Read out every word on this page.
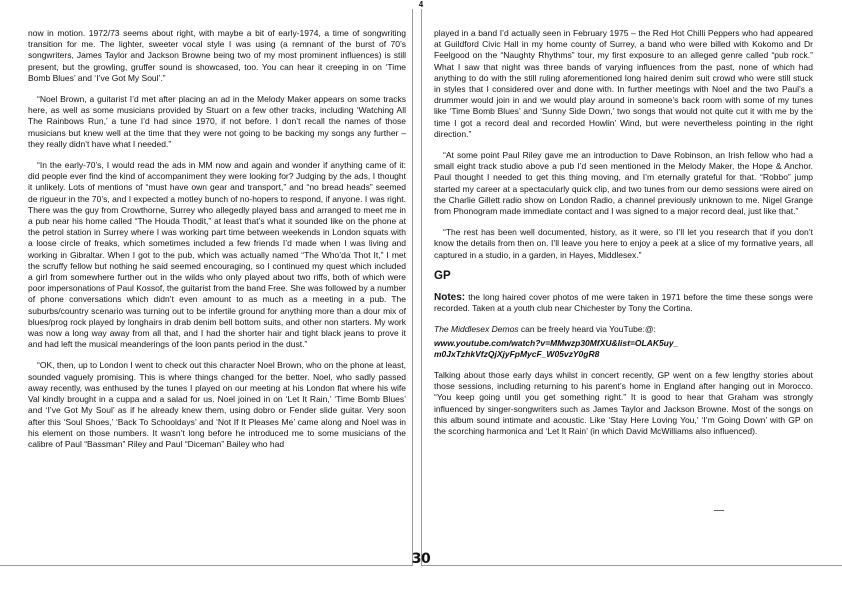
4

now in motion. 1972/73 seems about right, with maybe a bit of early-1974, a time of songwriting transition for me. The lighter, sweeter vocal style I was using (a remnant of the burst of 70’s songwriters, James Taylor and Jackson Browne being two of my most prominent influences) is still present, but the growling, gruffer sound is showcased, too. You can hear it creeping in on ‘Time Bomb Blues’ and ‘I’ve Got My Soul’.”

“Noel Brown, a guitarist I’d met after placing an ad in the Melody Maker appears on some tracks here, as well as some musicians provided by Stuart on a few other tracks, including ‘Watching All The Rainbows Run,’ a tune I’d had since 1970, if not before. I don’t recall the names of those musicians but knew well at the time that they were not going to be backing my songs any further – they really didn’t have what I needed.”

“In the early-70’s, I would read the ads in MM now and again and wonder if anything came of it: did people ever find the kind of accompaniment they were looking for? Judging by the ads, I thought it unlikely. Lots of mentions of “must have own gear and transport,” and “no bread heads” seemed de rigueur in the 70’s, and I expected a motley bunch of no-hopers to respond, if anyone. I was right. There was the guy from Crowthorne, Surrey who allegedly played bass and arranged to meet me in a pub near his home called “The Houda Thodit,” at least that’s what it sounded like on the phone at the petrol station in Surrey where I was working part time between weekends in London squats with a loose circle of freaks, which sometimes included a few friends I’d made when I was living and working in Gibraltar. When I got to the pub, which was actually named “The Who’da Thot It,” I met the scruffy fellow but nothing he said seemed encouraging, so I continued my quest which included a girl from somewhere further out in the wilds who only played about two riffs, both of which were poor impersonations of Paul Kossof, the guitarist from the band Free. She was followed by a number of phone conversations which didn’t even amount to as much as a meeting in a pub. The suburbs/country scenario was turning out to be infertile ground for anything more than a dour mix of blues/prog rock played by longhairs in drab denim bell bottom suits, and other non starters. My work was now a long way away from all that, and I had the shorter hair and tight black jeans to prove it and had left the musical meanderings of the loon pants period in the dust.”

“OK, then, up to London I went to check out this character Noel Brown, who on the phone at least, sounded vaguely promising. This is where things changed for the better. Noel, who sadly passed away recently, was enthused by the tunes I played on our meeting at his London flat where his wife Val kindly brought in a cuppa and a salad for us. Noel joined in on ‘Let It Rain,’ ‘Time Bomb Blues’ and ‘I’ve Got My Soul’ as if he already knew them, using dobro or Fender slide guitar. Very soon after this ‘Soul Shoes,’ ‘Back To Schooldays’ and ‘Not If It Pleases Me’ came along and Noel was in his element on those numbers. It wasn’t long before he introduced me to some musicians of the calibre of Paul “Bassman” Riley and Paul “Diceman” Bailey who had

played in a band I’d actually seen in February 1975 – the Red Hot Chilli Peppers who had appeared at Guildford Civic Hall in my home county of Surrey, a band who were billed with Kokomo and Dr Feelgood on the “Naughty Rhythms” tour, my first exposure to an alleged genre called “pub rock.” What I saw that night was three bands of varying influences from the past, none of which had anything to do with the still ruling aforementioned long haired denim suit crowd who were still stuck in styles that I considered over and done with. In further meetings with Noel and the two Paul’s a drummer would join in and we would play around in someone’s back room with some of my tunes like ‘Time Bomb Blues’ and ‘Sunny Side Down,’ two songs that would not quite cut it with me by the time I got a record deal and recorded Howlin’ Wind, but were nevertheless pointing in the right direction.”

“At some point Paul Riley gave me an introduction to Dave Robinson, an Irish fellow who had a small eight track studio above a pub I’d seen mentioned in the Melody Maker, the Hope & Anchor. Paul thought I needed to get this thing moving, and I’m eternally grateful for that. “Robbo” jump started my career at a spectacularly quick clip, and two tunes from our demo sessions were aired on the Charlie Gillett radio show on London Radio, a channel previously unknown to me. Nigel Grange from Phonogram made immediate contact and I was signed to a major record deal, just like that.”

“The rest has been well documented, history, as it were, so I’ll let you research that if you don’t know the details from then on. I’ll leave you here to enjoy a peek at a slice of my formative years, all captured in a studio, in a garden, in Hayes, Middlesex.”

GP

Notes: the long haired cover photos of me were taken in 1971 before the time these songs were recorded. Taken at a youth club near Chichester by Tony the Cortina.

The Middlesex Demos can be freely heard via YouTube:@:

www.youtube.com/watch?v=MMwzp30MfXU&list=OLAK5uy_
m0JxTzhkVfzQjXjyFpMycF_W05vzY0gR8

Talking about those early days whilst in concert recently, GP went on a few lengthy stories about those sessions, including returning to his parent’s home in England after hanging out in Morocco. “You keep going until you get something right.” It is good to hear that Graham was strongly influenced by singer-songwriters such as James Taylor and Jackson Browne. Most of the songs on this album sound intimate and acoustic. Like ‘Stay Here Loving You,’ ‘I’m Going Down’ with GP on the scorching harmonica and ‘Let It Rain’ (in which David McWilliams also influenced).

30
